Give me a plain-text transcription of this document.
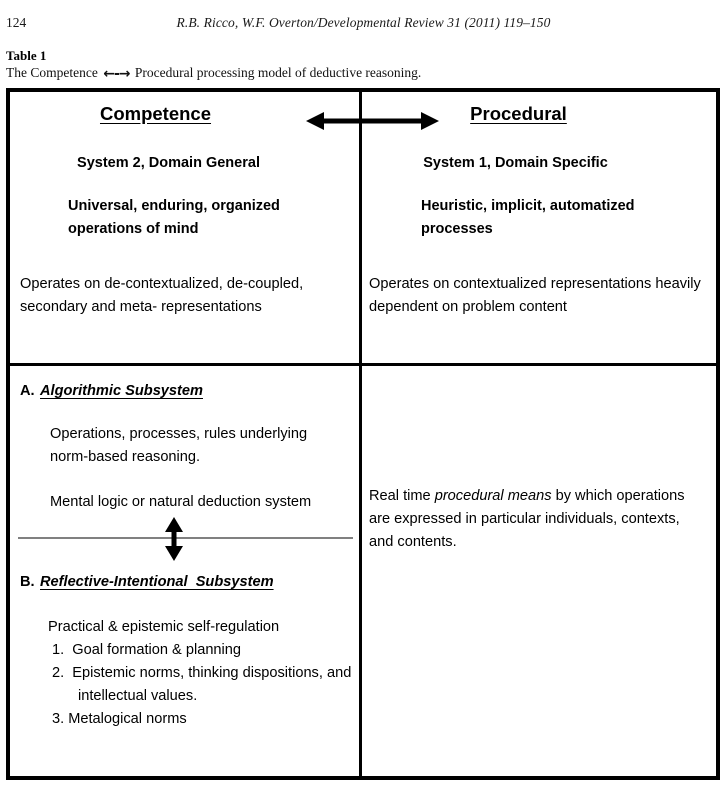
124	R.B. Ricco, W.F. Overton/Developmental Review 31 (2011) 119–150
Table 1
The Competence ←-→ Procedural processing model of deductive reasoning.
Competence
System 2, Domain General
Universal, enduring, organized operations of mind
Operates on de-contextualized, de-coupled, secondary and meta- representations
Procedural
System 1, Domain Specific
Heuristic, implicit, automatized processes
Operates on contextualized representations heavily dependent on problem content
A. Algorithmic Subsystem
Operations, processes, rules underlying norm-based reasoning.
Mental logic or natural deduction system
B. Reflective-Intentional  Subsystem
Practical & epistemic self-regulation
1.  Goal formation & planning
2.  Epistemic norms, thinking dispositions, and intellectual values.
3. Metalogical norms
Real time procedural means by which operations are expressed in particular individuals, contexts, and contents.
